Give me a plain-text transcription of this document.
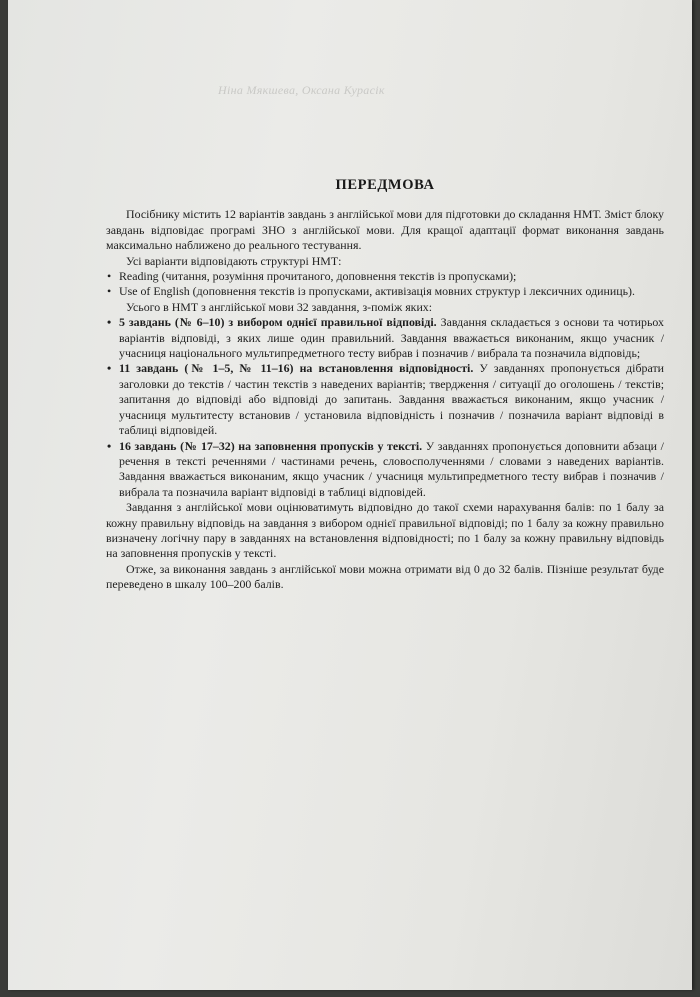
Ніна Мякшева, Оксана Курасік
ПЕРЕДМОВА

Посібнику містить 12 варіантів завдань з англійської мови для підготовки до складання НМТ. Зміст блоку завдань відповідає програмі ЗНО з англійської мови. Для кращої адаптації формат виконання завдань максимально наближено до реального тестування.

Усі варіанти відповідають структурі НМТ:

• Reading (читання, розуміння прочитаного, доповнення текстів із пропусками);
• Use of English (доповнення текстів із пропусками, активізація мовних структур і лексичних одиниць).

Усього в НМТ з англійської мови 32 завдання, з-поміж яких:

• 5 завдань (№ 6–10) з вибором однієї правильної відповіді. Завдання складається з основи та чотирьох варіантів відповіді, з яких лише один правильний. Завдання вважається виконаним, якщо учасник / учасниця національного мультипредметного тесту вибрав і позначив / вибрала та позначила відповідь;
• 11 завдань (№ 1–5, № 11–16) на встановлення відповідності. У завданнях пропонується дібрати заголовки до текстів / частин текстів з наведених варіантів; твердження / ситуації до оголошень / текстів; запитання до відповіді або відповіді до запитань. Завдання вважається виконаним, якщо учасник / учасниця мультитесту встановив / установила відповідність і позначив / позначила варіант відповіді в таблиці відповідей.
• 16 завдань (№ 17–32) на заповнення пропусків у тексті. У завданнях пропонується доповнити абзаци / речення в тексті реченнями / частинами речень, словосполученнями / словами з наведених варіантів. Завдання вважається виконаним, якщо учасник / учасниця мультипредметного тесту вибрав і позначив / вибрала та позначила варіант відповіді в таблиці відповідей.

Завдання з англійської мови оцінюватимуть відповідно до такої схеми нарахування балів: по 1 балу за кожну правильну відповідь на завдання з вибором однієї правильної відповіді; по 1 балу за кожну правильно визначену логічну пару в завданнях на встановлення відповідності; по 1 балу за кожну правильну відповідь на заповнення пропусків у тексті.

Отже, за виконання завдань з англійської мови можна отримати від 0 до 32 балів. Пізніше результат буде переведено в шкалу 100–200 балів.
